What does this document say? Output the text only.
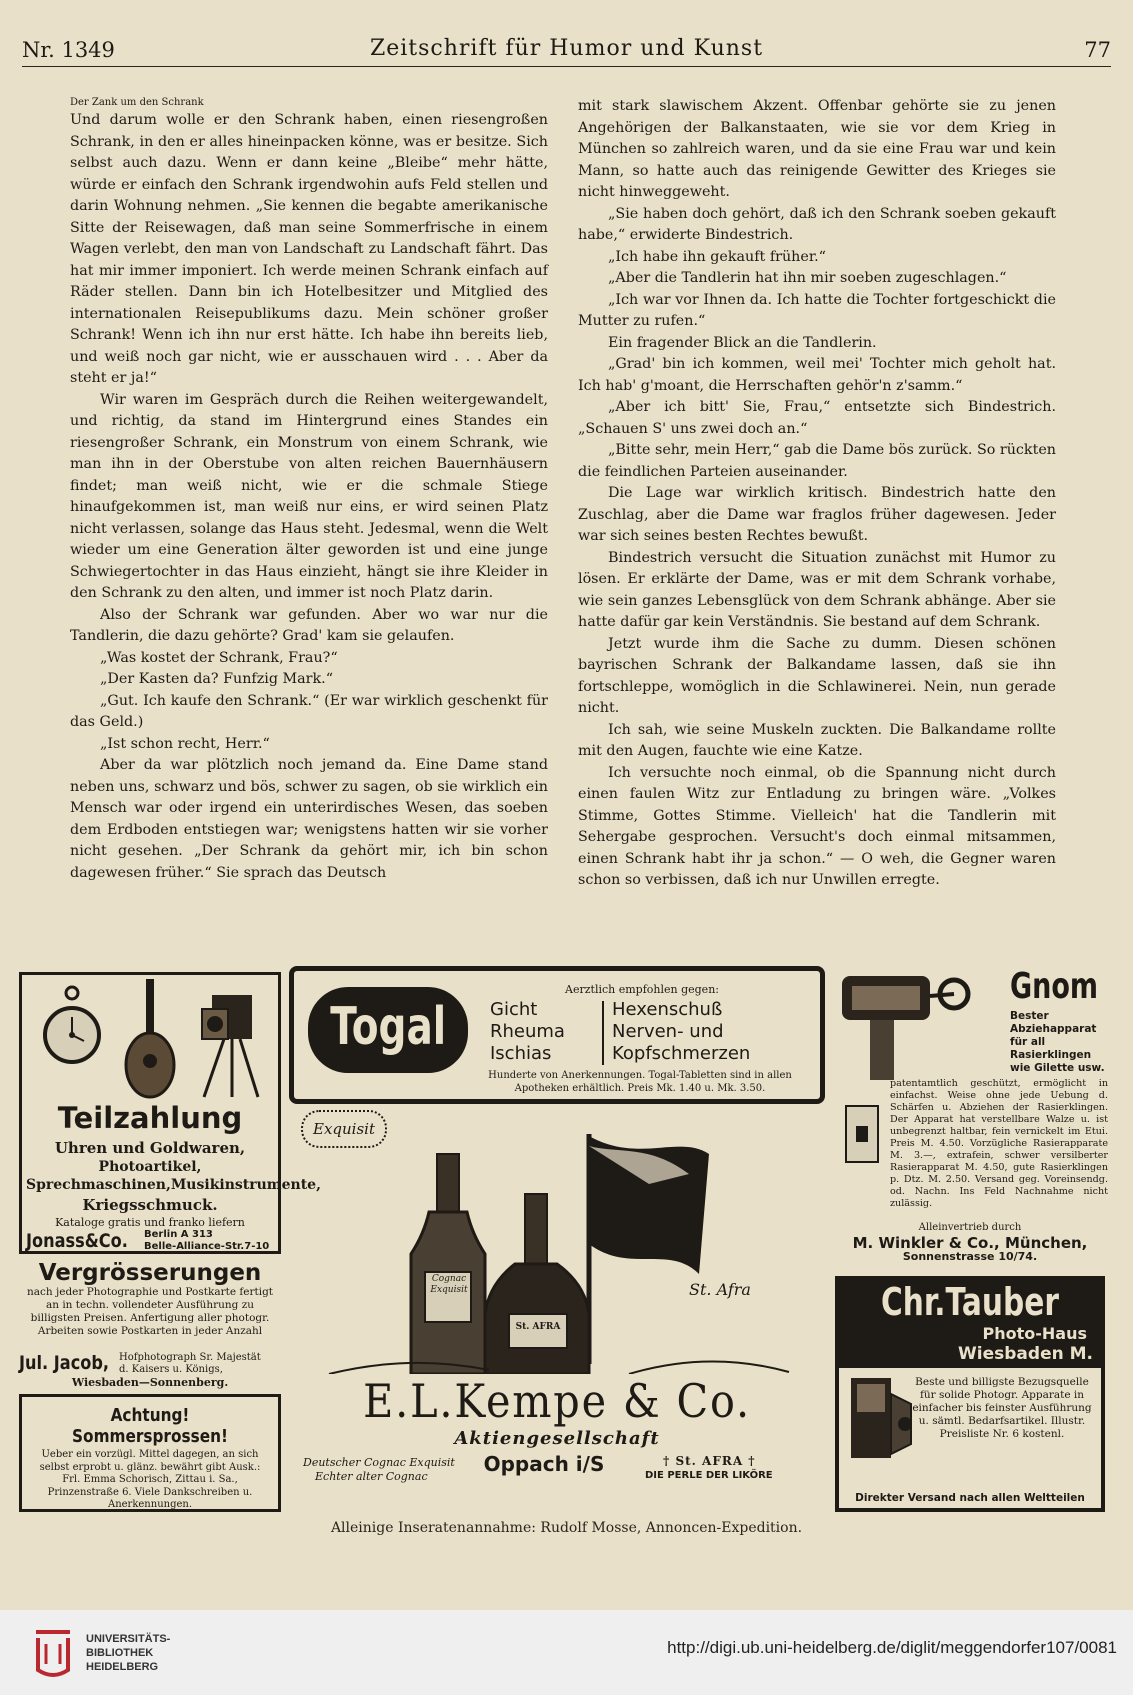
Nr. 1349	Zeitschrift für Humor und Kunst	77

Der Zank um den Schrank

Und darum wolle er den Schrank haben, einen riesengroßen Schrank, in den er alles hineinpacken könne, was er besitze. Sich selbst auch dazu. Wenn er dann keine „Bleibe“ mehr hätte, würde er einfach den Schrank irgendwohin aufs Feld stellen und darin Wohnung nehmen. „Sie kennen die begabte amerikanische Sitte der Reisewagen, daß man seine Sommerfrische in einem Wagen verlebt, den man von Landschaft zu Landschaft fährt. Das hat mir immer imponiert. Ich werde meinen Schrank einfach auf Räder stellen. Dann bin ich Hotelbesitzer und Mitglied des internationalen Reisepublikums dazu. Mein schöner großer Schrank! Wenn ich ihn nur erst hätte. Ich habe ihn bereits lieb, und weiß noch gar nicht, wie er ausschauen wird . . . Aber da steht er ja!“

Wir waren im Gespräch durch die Reihen weitergewandelt, und richtig, da stand im Hintergrund eines Standes ein riesengroßer Schrank, ein Monstrum von einem Schrank, wie man ihn in der Oberstube von alten reichen Bauernhäusern findet; man weiß nicht, wie er die schmale Stiege hinaufgekommen ist, man weiß nur eins, er wird seinen Platz nicht verlassen, solange das Haus steht. Jedesmal, wenn die Welt wieder um eine Generation älter geworden ist und eine junge Schwiegertochter in das Haus einzieht, hängt sie ihre Kleider in den Schrank zu den alten, und immer ist noch Platz darin.

Also der Schrank war gefunden. Aber wo war nur die Tandlerin, die dazu gehörte? Grad' kam sie gelaufen.

„Was kostet der Schrank, Frau?“

„Der Kasten da? Funfzig Mark.“

„Gut. Ich kaufe den Schrank.“ (Er war wirklich geschenkt für das Geld.)

„Ist schon recht, Herr.“

Aber da war plötzlich noch jemand da. Eine Dame stand neben uns, schwarz und bös, schwer zu sagen, ob sie wirklich ein Mensch war oder irgend ein unterirdisches Wesen, das soeben dem Erdboden entstiegen war; wenigstens hatten wir sie vorher nicht gesehen. „Der Schrank da gehört mir, ich bin schon dagewesen früher.“ Sie sprach das Deutsch

mit stark slawischem Akzent. Offenbar gehörte sie zu jenen Angehörigen der Balkanstaaten, wie sie vor dem Krieg in München so zahlreich waren, und da sie eine Frau war und kein Mann, so hatte auch das reinigende Gewitter des Krieges sie nicht hinweggeweht.

„Sie haben doch gehört, daß ich den Schrank soeben gekauft habe,“ erwiderte Bindestrich.

„Ich habe ihn gekauft früher.“

„Aber die Tandlerin hat ihn mir soeben zugeschlagen.“

„Ich war vor Ihnen da. Ich hatte die Tochter fortgeschickt die Mutter zu rufen.“

Ein fragender Blick an die Tandlerin.

„Grad' bin ich kommen, weil mei' Tochter mich geholt hat. Ich hab' g'moant, die Herrschaften gehör'n z'samm.“

„Aber ich bitt' Sie, Frau,“ entsetzte sich Bindestrich. „Schauen S' uns zwei doch an.“

„Bitte sehr, mein Herr,“ gab die Dame bös zurück. So rückten die feindlichen Parteien auseinander.

Die Lage war wirklich kritisch. Bindestrich hatte den Zuschlag, aber die Dame war fraglos früher dagewesen. Jeder war sich seines besten Rechtes bewußt.

Bindestrich versucht die Situation zunächst mit Humor zu lösen. Er erklärte der Dame, was er mit dem Schrank vorhabe, wie sein ganzes Lebensglück von dem Schrank abhänge. Aber sie hatte dafür gar kein Verständnis. Sie bestand auf dem Schrank.

Jetzt wurde ihm die Sache zu dumm. Diesen schönen bayrischen Schrank der Balkandame lassen, daß sie ihn fortschleppe, womöglich in die Schlawinerei. Nein, nun gerade nicht.

Ich sah, wie seine Muskeln zuckten. Die Balkandame rollte mit den Augen, fauchte wie eine Katze.

Ich versuchte noch einmal, ob die Spannung nicht durch einen faulen Witz zur Entladung zu bringen wäre. „Volkes Stimme, Gottes Stimme. Vielleich' hat die Tandlerin mit Sehergabe gesprochen. Versucht's doch einmal mitsammen, einen Schrank habt ihr ja schon.“ — O weh, die Gegner waren schon so verbissen, daß ich nur Unwillen erregte.

Teilzahlung
Uhren und Goldwaren,
Photoartikel, Sprechmaschinen,Musikinstrumente,
Kriegsschmuck.
Kataloge gratis und franko liefern
Jonass&Co. Berlin A 313
Belle-Alliance-Str.7-10
Vergrösserungen
nach jeder Photographie und Postkarte fertigt an in techn. vollendeter Ausführung zu billigsten Preisen. Anfertigung aller photogr. Arbeiten sowie Postkarten in jeder Anzahl
Jul. Jacob, Hofphotograph Sr. Majestät d. Kaisers u. Königs,
Wiesbaden—Sonnenberg.
Achtung! Sommersprossen!
Ueber ein vorzügl. Mittel dagegen, an sich selbst erprobt u. glänz. bewährt gibt Ausk.: Frl. Emma Schorisch, Zittau i. Sa., Prinzenstraße 6. Viele Dankschreiben u. Anerkennungen.
Togal
Aerztlich empfohlen gegen:
Gicht
Rheuma
Ischias
Hexenschuß
Nerven- und
Kopfschmerzen
Hunderte von Anerkennungen. Togal-Tabletten sind in allen Apotheken erhältlich. Preis Mk. 1.40 u. Mk. 3.50.
Exquisit
Cognac Exquisit
St. AFRA
St. Afra
E.L.Kempe & Co.
Aktiengesellschaft
Deutscher Cognac Exquisit
Echter alter Cognac
Oppach i/S	† St. AFRA †
DIE PERLE DER LIKÖRE
Gnom
Bester Abziehapparat für all Rasierklingen wie Gilette usw.
patentamtlich geschützt, ermöglicht in einfachst. Weise ohne jede Uebung d. Schärfen u. Abziehen der Rasierklingen. Der Apparat hat verstellbare Walze u. ist unbegrenzt haltbar, fein vernickelt im Etui. Preis M. 4.50. Vorzügliche Rasierapparate M. 3.—, extrafein, schwer versilberter Rasierapparat M. 4.50, gute Rasierklingen p. Dtz. M. 2.50. Versand geg. Voreinsendg. od. Nachn. Ins Feld Nachnahme nicht zulässig.
Alleinvertrieb durch
M. Winkler & Co., München,
Sonnenstrasse 10/74.
Chr.Tauber
Photo-Haus
Wiesbaden M.
Beste und billigste Bezugsquelle für solide Photogr. Apparate in einfacher bis feinster Ausführung u. sämtl. Bedarfsartikel. Illustr. Preisliste Nr. 6 kostenl.
Direkter Versand nach allen Weltteilen
Alleinige Inseratenannahme: Rudolf Mosse, Annoncen-Expedition.
UNIVERSITÄTS-
BIBLIOTHEK
HEIDELBERG
http://digi.ub.uni-heidelberg.de/diglit/meggendorfer107/0081
